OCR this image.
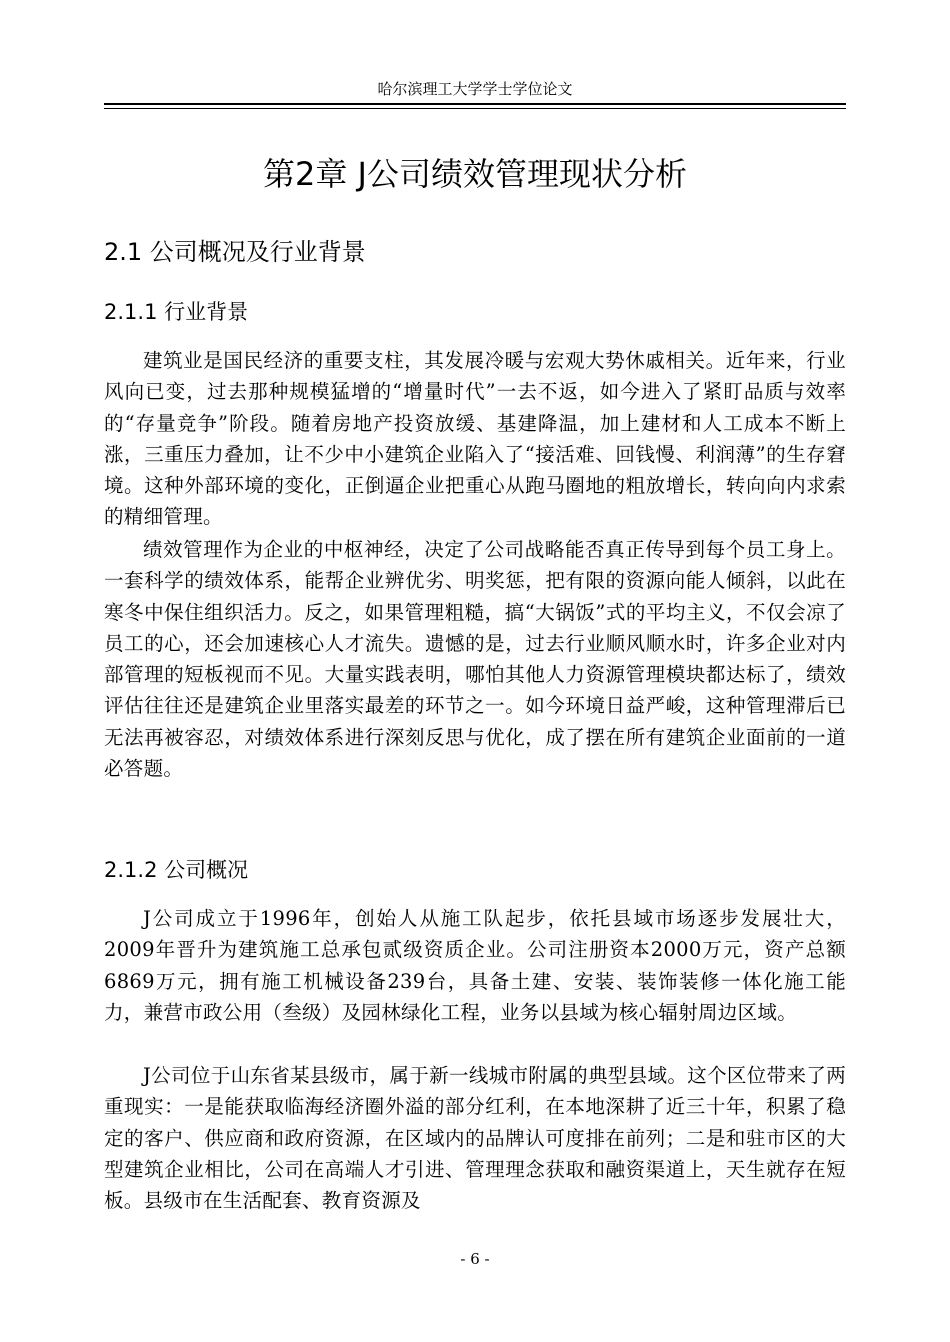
哈尔滨理工大学学士学位论文
第2章 J公司绩效管理现状分析
2.1 公司概况及行业背景
2.1.1 行业背景

建筑业是国民经济的重要支柱，其发展冷暖与宏观大势休戚相关。近年来，行业风向已变，过去那种规模猛增的“增量时代”一去不返，如今进入了紧盯品质与效率的“存量竞争”阶段。随着房地产投资放缓、基建降温，加上建材和人工成本不断上涨，三重压力叠加，让不少中小建筑企业陷入了“接活难、回钱慢、利润薄”的生存窘境。这种外部环境的变化，正倒逼企业把重心从跑马圈地的粗放增长，转向向内求索的精细管理。

绩效管理作为企业的中枢神经，决定了公司战略能否真正传导到每个员工身上。一套科学的绩效体系，能帮企业辨优劣、明奖惩，把有限的资源向能人倾斜，以此在寒冬中保住组织活力。反之，如果管理粗糙，搞“大锅饭”式的平均主义，不仅会凉了员工的心，还会加速核心人才流失。遗憾的是，过去行业顺风顺水时，许多企业对内部管理的短板视而不见。大量实践表明，哪怕其他人力资源管理模块都达标了，绩效评估往往还是建筑企业里落实最差的环节之一。如今环境日益严峻，这种管理滞后已无法再被容忍，对绩效体系进行深刻反思与优化，成了摆在所有建筑企业面前的一道必答题。

2.1.2 公司概况

J公司成立于1996年，创始人从施工队起步，依托县域市场逐步发展壮大，2009年晋升为建筑施工总承包贰级资质企业。公司注册资本2000万元，资产总额6869万元，拥有施工机械设备239台，具备土建、安装、装饰装修一体化施工能力，兼营市政公用（叁级）及园林绿化工程，业务以县域为核心辐射周边区域。

J公司位于山东省某县级市，属于新一线城市附属的典型县域。这个区位带来了两重现实：一是能获取临海经济圈外溢的部分红利，在本地深耕了近三十年，积累了稳定的客户、供应商和政府资源，在区域内的品牌认可度排在前列；二是和驻市区的大型建筑企业相比，公司在高端人才引进、管理理念获取和融资渠道上，天生就存在短板。县级市在生活配套、教育资源及

- 6 -
